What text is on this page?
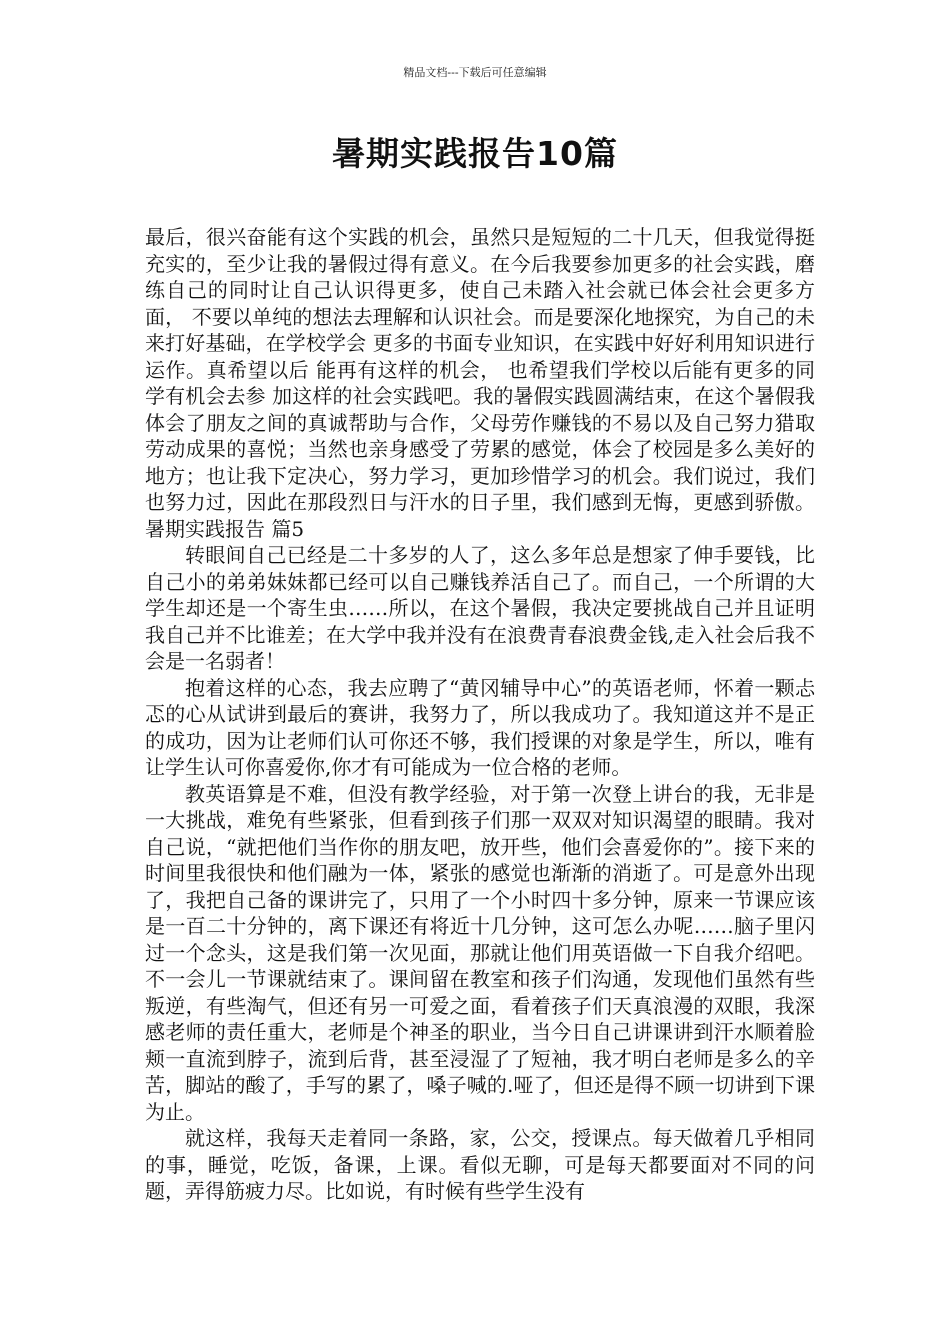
精品文档---下载后可任意编辑
暑期实践报告10篇

最后，很兴奋能有这个实践的机会，虽然只是短短的二十几天，但我觉得挺充实的，至少让我的暑假过得有意义。在今后我要参加更多的社会实践，磨练自己的同时让自己认识得更多，使自己未踏入社会就已体会社会更多方面， 不要以单纯的想法去理解和认识社会。而是要深化地探究，为自己的未来打好基础，在学校学会 更多的书面专业知识，在实践中好好利用知识进行运作。真希望以后 能再有这样的机会， 也希望我们学校以后能有更多的同学有机会去参 加这样的社会实践吧。我的暑假实践圆满结束，在这个暑假我体会了朋友之间的真诚帮助与合作，父母劳作赚钱的不易以及自己努力猎取 劳动成果的喜悦；当然也亲身感受了劳累的感觉，体会了校园是多么美好的地方；也让我下定决心，努力学习，更加珍惜学习的机会。我们说过，我们也努力过，因此在那段烈日与汗水的日子里，我们感到无悔，更感到骄傲。暑期实践报告 篇5

转眼间自己已经是二十多岁的人了，这么多年总是想家了伸手要钱，比自己小的弟弟妹妹都已经可以自己赚钱养活自己了。而自己，一个所谓的大学生却还是一个寄生虫……所以，在这个暑假，我决定要挑战自己并且证明我自己并不比谁差；在大学中我并没有在浪费青春浪费金钱,走入社会后我不会是一名弱者！

抱着这样的心态，我去应聘了“黄冈辅导中心”的英语老师，怀着一颗忐忑的心从试讲到最后的赛讲，我努力了，所以我成功了。我知道这并不是正的成功，因为让老师们认可你还不够，我们授课的对象是学生，所以，唯有让学生认可你喜爱你,你才有可能成为一位合格的老师。

教英语算是不难，但没有教学经验，对于第一次登上讲台的我，无非是一大挑战，难免有些紧张，但看到孩子们那一双双对知识渴望的眼睛。我对自己说，“就把他们当作你的朋友吧，放开些，他们会喜爱你的”。接下来的时间里我很快和他们融为一体，紧张的感觉也渐渐的消逝了。可是意外出现了，我把自己备的课讲完了，只用了一个小时四十多分钟，原来一节课应该是一百二十分钟的，离下课还有将近十几分钟，这可怎么办呢……脑子里闪过一个念头，这是我们第一次见面，那就让他们用英语做一下自我介绍吧。不一会儿一节课就结束了。课间留在教室和孩子们沟通，发现他们虽然有些叛逆，有些淘气，但还有另一可爱之面，看着孩子们天真浪漫的双眼，我深感老师的责任重大，老师是个神圣的职业，当今日自己讲课讲到汗水顺着脸颊一直流到脖子，流到后背，甚至浸湿了了短袖，我才明白老师是多么的辛苦，脚站的酸了，手写的累了，嗓子喊的.哑了，但还是得不顾一切讲到下课为止。

就这样，我每天走着同一条路，家，公交，授课点。每天做着几乎相同的事，睡觉，吃饭，备课，上课。看似无聊，可是每天都要面对不同的问题，弄得筋疲力尽。比如说，有时候有些学生没有
